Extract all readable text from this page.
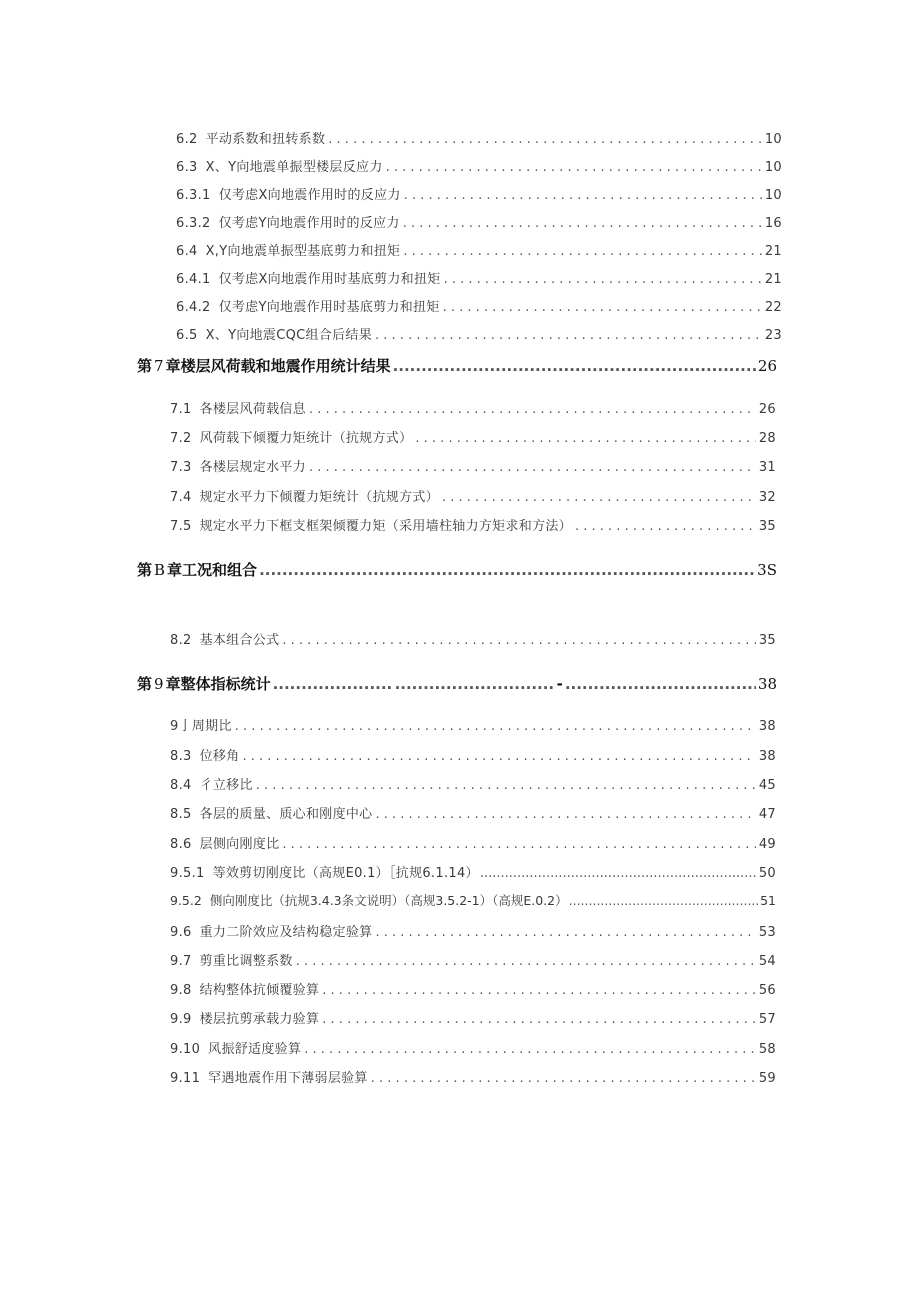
6.2 平动系数和扭转系数 . . .	10
6.3 X、Y向地震单振型楼层反应力 . . .	10
6.3.1 仅考虑X向地震作用时的反应力 . . .	10
6.3.2 仅考虑Y向地震作用时的反应力 . . .	16
6.4 X,Y向地震单振型基底剪力和扭矩 . . .	21
6.4.1 仅考虑X向地震作用时基底剪力和扭矩 . . .	21
6.4.2 仅考虑Y向地震作用时基底剪力和扭矩 . . .	22
6.5 X、Y向地震CQC组合后结果 . . .	23
第 7 章楼层风荷载和地震作用统计结果 .....	26
7.1 各楼层风荷载信息 . . .	26
7.2 风荷载下倾覆力矩统计（抗规方式） . . .	28
7.3 各楼层规定水平力 . . .	31
7.4 规定水平力下倾覆力矩统计（抗规方式） . . .	32
7.5 规定水平力下框支框架倾覆力矩（采用墙柱轴力方矩求和方法） . . .	35
第 B 章工况和组合 .....	3S
8.2 基本组合公式 . . .	35
第 9 章整体指标统计 ..... .....	- .....	38
9亅 周期比 . . .	38
8.3 位移角 . . .	38
8.4 彳立移比 . . .	45
8.5 各层的质量、质心和刚度中心 . . .	47
8.6 层侧向刚度比 . . .	49
9.5.1 等效剪切刚度比（高规E0.1）［抗规6.1.14） .....	50
9.5.2 侧向刚度比（抗规3.4.3条文说明）（高规3.5.2-1）（高规E.0.2） .....	51
9.6 重力二阶效应及结构稳定验算 . . .	53
9.7 剪重比调整系数 . . .	54
9.8 结构整体抗倾覆验算 . . .	56
9.9 楼层抗剪承载力验算 . . .	57
9.10 风振舒适度验算 . . .	58
9.11 罕遇地震作用下薄弱层验算 . . .	59
